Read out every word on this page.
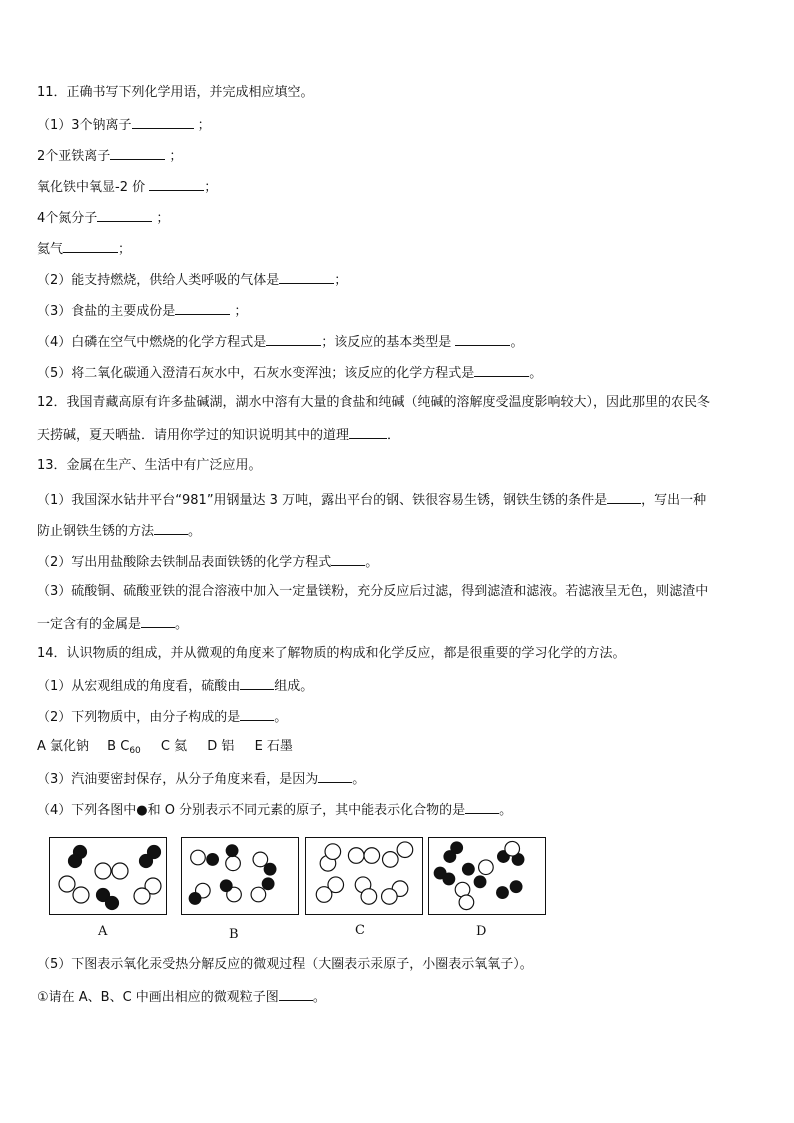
11．正确书写下列化学用语，并完成相应填空。
（1）3个钠离子	；
2个亚铁离子	；
氧化铁中氧显-2 价	；
4个氮分子	；
氦气	；
（2）能支持燃烧，供给人类呼吸的气体是	；
（3）食盐的主要成份是	；
（4）白磷在空气中燃烧的化学方程式是	；该反应的基本类型是	。
（5）将二氧化碳通入澄清石灰水中，石灰水变浑浊；该反应的化学方程式是	。
12．我国青藏高原有许多盐碱湖，湖水中溶有大量的食盐和纯碱（纯碱的溶解度受温度影响较大），因此那里的农民冬
天捞碱，夏天晒盐．请用你学过的知识说明其中的道理	．
13．金属在生产、生活中有广泛应用。
（1）我国深水钻井平台“981”用钢量达 3 万吨，露出平台的钢、铁很容易生锈，钢铁生锈的条件是	，写出一种
防止钢铁生锈的方法	。
（2）写出用盐酸除去铁制品表面铁锈的化学方程式	。
（3）硫酸铜、硫酸亚铁的混合溶液中加入一定量镁粉，充分反应后过滤，得到滤渣和滤液。若滤液呈无色，则滤渣中
一定含有的金属是	。
14．认识物质的组成，并从微观的角度来了解物质的构成和化学反应，都是很重要的学习化学的方法。
（1）从宏观组成的角度看，硫酸由	组成。
（2）下列物质中，由分子构成的是	。
A 氯化钠 B $C_{60}$ C 氦 D 铝 E 石墨
（3）汽油要密封保存，从分子角度来看，是因为	。
（4）下列各图中●和 O 分别表示不同元素的原子，其中能表示化合物的是	。
A	B	C	D
（5）下图表示氧化汞受热分解反应的微观过程（大圈表示汞原子，小圈表示氧氧子）。
①请在 A、B、C 中画出相应的微观粒子图	。
